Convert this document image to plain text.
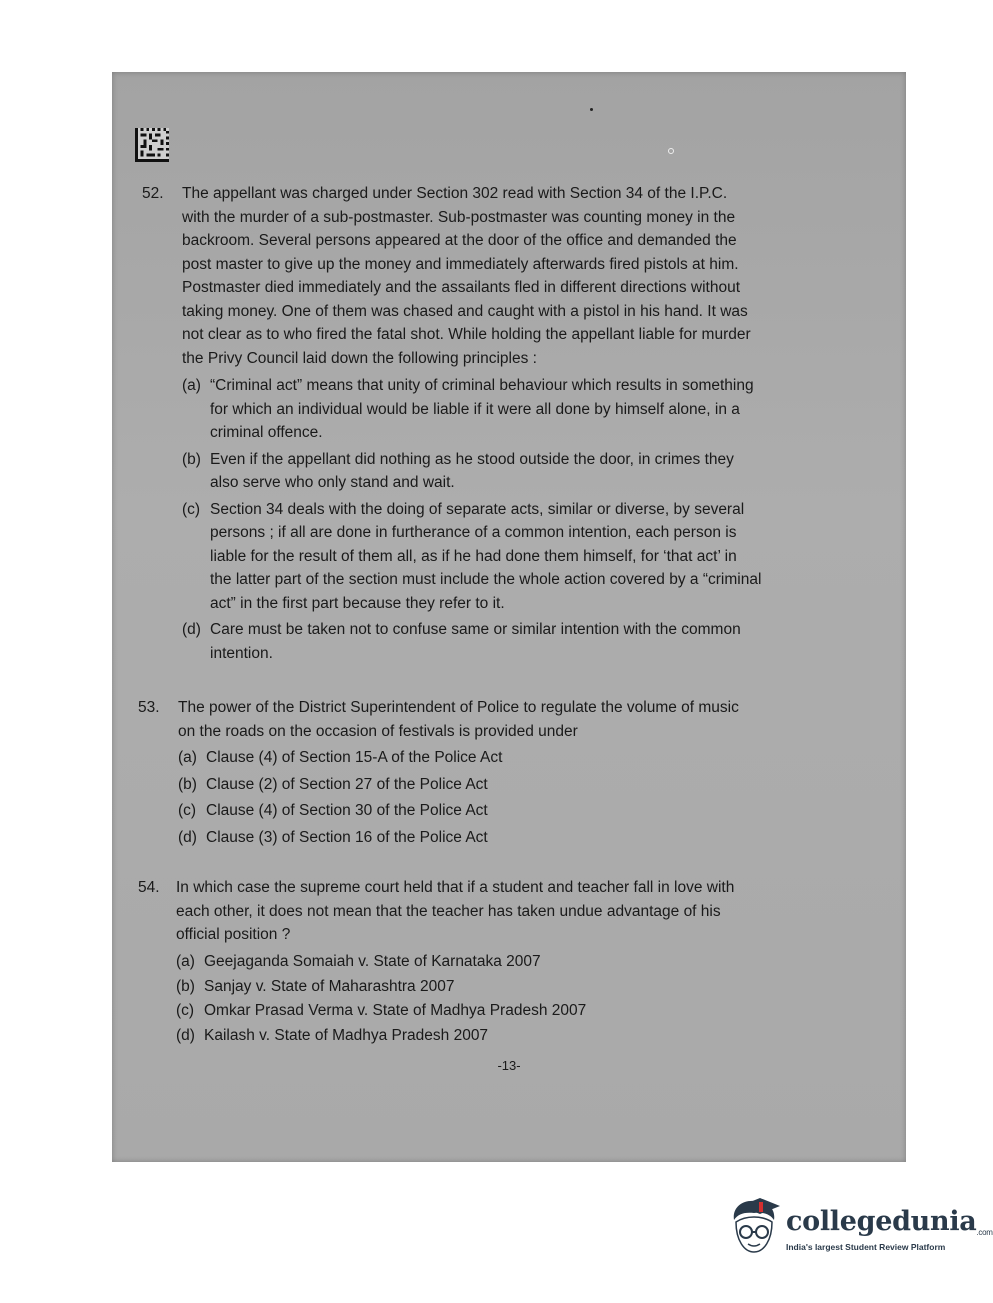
52. The appellant was charged under Section 302 read with Section 34 of the I.P.C.
with the murder of a sub-postmaster. Sub-postmaster was counting money in the
backroom. Several persons appeared at the door of the office and demanded the
post master to give up the money and immediately afterwards fired pistols at him.
Postmaster died immediately and the assailants fled in different directions without
taking money. One of them was chased and caught with a pistol in his hand. It was
not clear as to who fired the fatal shot. While holding the appellant liable for murder
the Privy Council laid down the following principles :
(a) “Criminal act” means that unity of criminal behaviour which results in something
for which an individual would be liable if it were all done by himself alone, in a
criminal offence.
(b) Even if the appellant did nothing as he stood outside the door, in crimes they
also serve who only stand and wait.
(c) Section 34 deals with the doing of separate acts, similar or diverse, by several
persons ; if all are done in furtherance of a common intention, each person is
liable for the result of them all, as if he had done them himself, for ‘that act’ in
the latter part of the section must include the whole action covered by a “criminal
act” in the first part because they refer to it.
(d) Care must be taken not to confuse same or similar intention with the common
intention.
53. The power of the District Superintendent of Police to regulate the volume of music
on the roads on the occasion of festivals is provided under
(a) Clause (4) of Section 15-A of the Police Act
(b) Clause (2) of Section 27 of the Police Act
(c) Clause (4) of Section 30 of the Police Act
(d) Clause (3) of Section 16 of the Police Act
54. In which case the supreme court held that if a student and teacher fall in love with
each other, it does not mean that the teacher has taken undue advantage of his
official position ?
(a) Geejaganda Somaiah v. State of Karnataka 2007
(b) Sanjay v. State of Maharashtra 2007
(c) Omkar Prasad Verma v. State of Madhya Pradesh 2007
(d) Kailash v. State of Madhya Pradesh 2007
-13-
collegedunia.com
India's largest Student Review Platform
